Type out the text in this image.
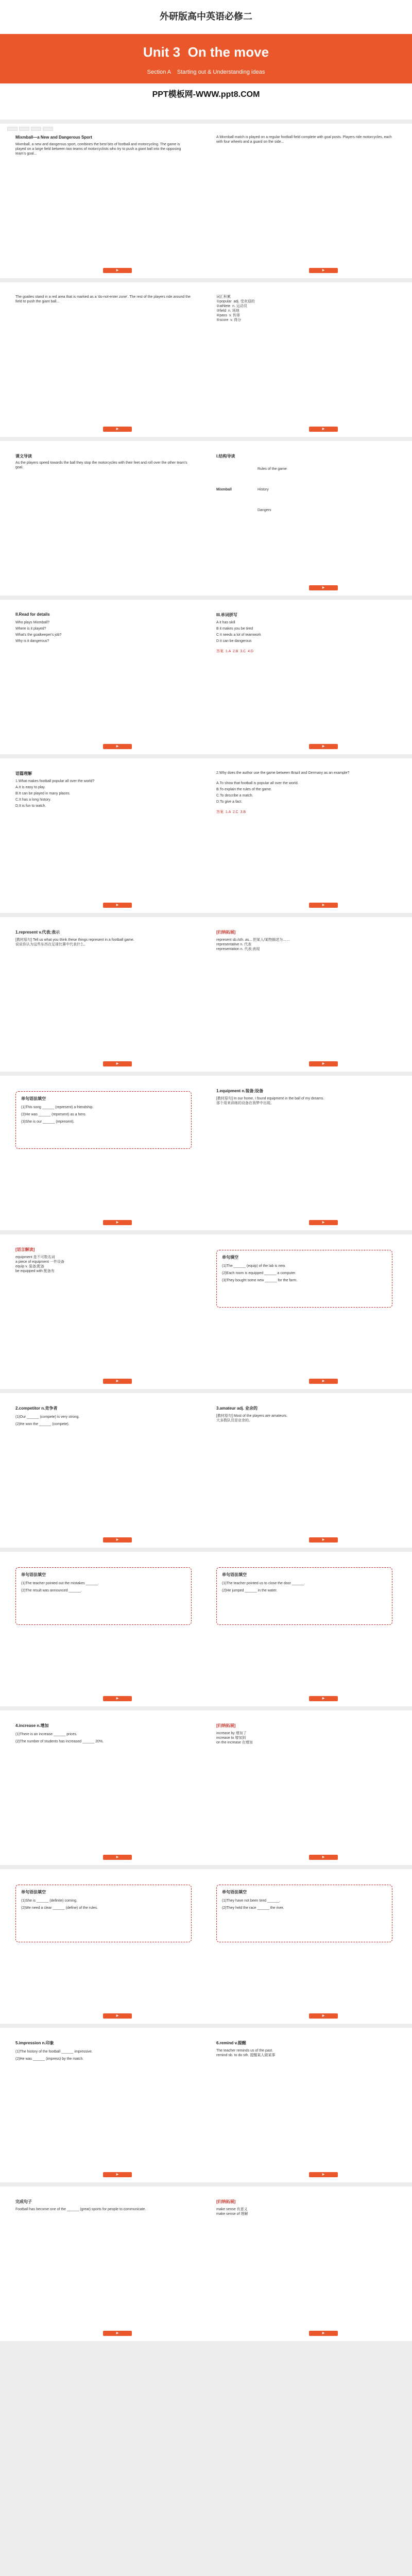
外研版高中英语必修二
Unit 3  On the move
Section A    Starting out & Understanding ideas
PPT模板网-WWW.ppt8.COM
Mixmball—a New and Dangerous Sport
Mixmball, a new and dangerous sport, combines the best bits of football and motorcycling. The game is played on a large field between two teams of motorcyclists who try to push a giant ball into the opposing team's goal...
A Mixmball match is played on a regular football field complete with goal posts. Players ride motorcycles, each with four wheels and a guard on the side...
▶	▶
The goalies stand in a red area that is marked as a 'do-not-enter zone'. The rest of the players ride around the field to push the giant ball...
词汇积累
①popular  adj. 受欢迎的
②athlete  n. 运动员
③field  n. 场地
④pass  v. 传球
⑤score  v. 得分
▶	▶
课文导读
As the players speed towards the ball they stop the motorcycles with their feet and roll over the other team's goal.
I.结构导读
Mixmball
Rules of the game
History
Dangers
▶
II.Read for details
Who plays Mixmball?
Where is it played?
What's the goalkeeper's job?
Why is it dangerous?
III.单词拼写
A it has skill
B it makes you be tired
C it needs a lot of teamwork
D it can be dangerous
答案  1.A  2.B  3.C  4.D
▶	▶
语篇理解
1.What makes football popular all over the world?
A.It is easy to play.
B.It can be played in many places.
C.It has a long history.
D.It is fun to watch.
2.Why does the author use the game between Brazil and Germany as an example?
A.To show that football is popular all over the world.
B.To explain the rules of the game.
C.To describe a match.
D.To give a fact.
答案  1.A  2.C  3.B
▶	▶
1.represent v.代表;表示
[教材原句] Tell us what you think these things represent in a football game.
说说你认为这些东西在足球比赛中代表什么。
[归纳拓展]
represent sb./sth. as... 把某人/某物描述为……
representative n. 代表
representation n. 代表;表现
▶	▶
单句语法填空
(1)This song ______ (represent) a friendship.
(2)He was ______ (represent) as a hero.
(3)She is our ______ (represent).
1.equipment n.装备;设备
[教材原句] In our home, I found equipment in the ball of my dreams.
那个用来训练的设备在我梦中出现。
▶	▶
[语言解读]
equipment 是不可数名词
a piece of equipment 一件设备
equip v. 装备;配备
be equipped with 配备有
单句填空
(1)The ______ (equip) of the lab is new.
(2)Each room is equipped ______ a computer.
(3)They bought some new ______ for the farm.
▶	▶
2.competitor n.竞争者
(1)Our ______ (compete) is very strong.
(2)He won the ______ (compete).
3.amateur adj. 业余的
[教材原句] Most of the players are amateurs.
大多数队员是业余的。
▶	▶
单句语法填空
(1)The teacher pointed out the mistakes ______.
(2)The result was announced ______.
单句语法填空
(1)The teacher pointed us to close the door ______.
(2)He jumped ______ in the water.
▶	▶
4.increase n.增加
(1)There is an increase ______ prices.
(2)The number of students has increased ______ 20%.
[归纳拓展]
increase by 增加了
increase to 增加到
on the increase 在增加
▶	▶
单句语法填空
(1)She is ______ (definite) coming.
(2)We need a clear ______ (define) of the rules.
单句语法填空
(1)They have not been tired ______.
(2)They held the race ______ the river.
▶	▶
5.impression n.印象
(1)The history of the football ______ impressive.
(2)He was ______ (impress) by the match.
6.remind v.提醒
The teacher reminds us of the past.
remind sb. to do sth. 提醒某人做某事
▶	▶
完成句子
Football has become one of the ______ (great) sports for people to communicate.
[归纳拓展]
make sense 有意义
make sense of 理解
▶	▶
